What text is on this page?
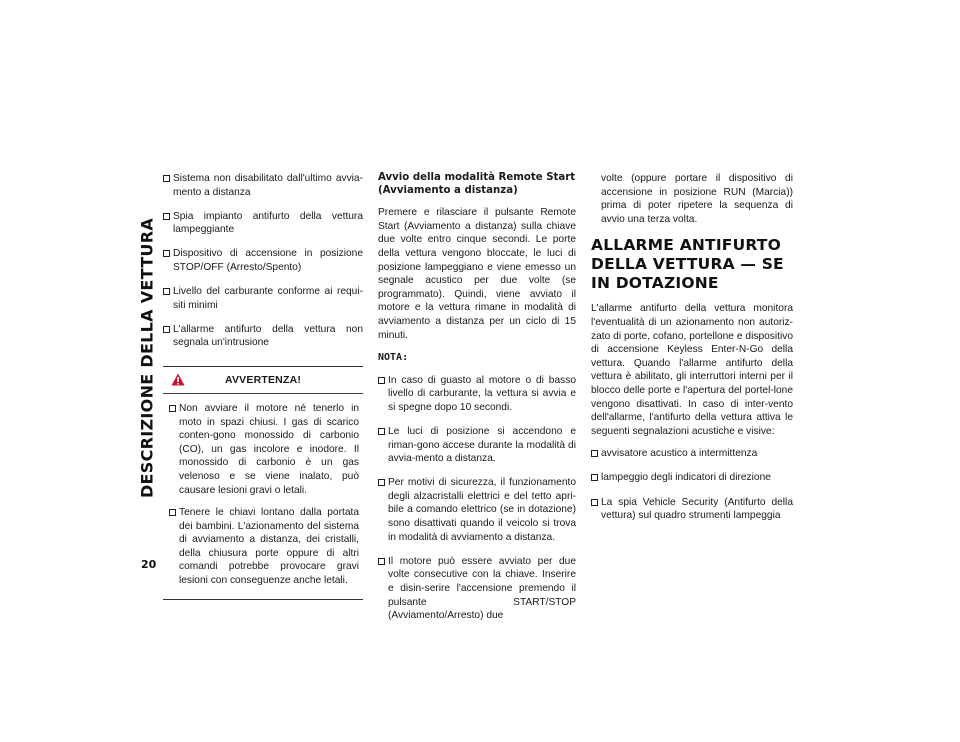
DESCRIZIONE DELLA VETTURA
20
Sistema non disabilitato dall'ultimo avvia-mento a distanza
Spia impianto antifurto della vettura lampeggiante
Dispositivo di accensione in posizione STOP/OFF (Arresto/Spento)
Livello del carburante conforme ai requi-siti minimi
L'allarme antifurto della vettura non segnala un'intrusione
AVVERTENZA!
Non avviare il motore né tenerlo in moto in spazi chiusi. I gas di scarico conten-gono monossido di carbonio (CO), un gas incolore e inodore. Il monossido di carbonio è un gas velenoso e se viene inalato, può causare lesioni gravi o letali.
Tenere le chiavi lontano dalla portata dei bambini. L'azionamento del sistema di avviamento a distanza, dei cristalli, della chiusura porte oppure di altri comandi potrebbe provocare gravi lesioni con conseguenze anche letali.
Avvio della modalità Remote Start (Avviamento a distanza)
Premere e rilasciare il pulsante Remote Start (Avviamento a distanza) sulla chiave due volte entro cinque secondi. Le porte della vettura vengono bloccate, le luci di posizione lampeggiano e viene emesso un segnale acustico per due volte (se programmato). Quindi, viene avviato il motore e la vettura rimane in modalità di avviamento a distanza per un ciclo di 15 minuti.
NOTA:
In caso di guasto al motore o di basso livello di carburante, la vettura si avvia e si spegne dopo 10 secondi.
Le luci di posizione si accendono e riman-gono accese durante la modalità di avvia-mento a distanza.
Per motivi di sicurezza, il funzionamento degli alzacristalli elettrici e del tetto apri-bile a comando elettrico (se in dotazione) sono disattivati quando il veicolo si trova in modalità di avviamento a distanza.
Il motore può essere avviato per due volte consecutive con la chiave. Inserire e disin-serire l'accensione premendo il pulsante START/STOP (Avviamento/Arresto) due
volte (oppure portare il dispositivo di accensione in posizione RUN (Marcia)) prima di poter ripetere la sequenza di avvio una terza volta.
ALLARME ANTIFURTO DELLA VETTURA — SE IN DOTAZIONE
L'allarme antifurto della vettura monitora l'eventualità di un azionamento non autoriz-zato di porte, cofano, portellone e dispositivo di accensione Keyless Enter-N-Go della vettura. Quando l'allarme antifurto della vettura è abilitato, gli interruttori interni per il blocco delle porte e l'apertura del portel-lone vengono disattivati. In caso di inter-vento dell'allarme, l'antifurto della vettura attiva le seguenti segnalazioni acustiche e visive:
avvisatore acustico a intermittenza
lampeggio degli indicatori di direzione
La spia Vehicle Security (Antifurto della vettura) sul quadro strumenti lampeggia
